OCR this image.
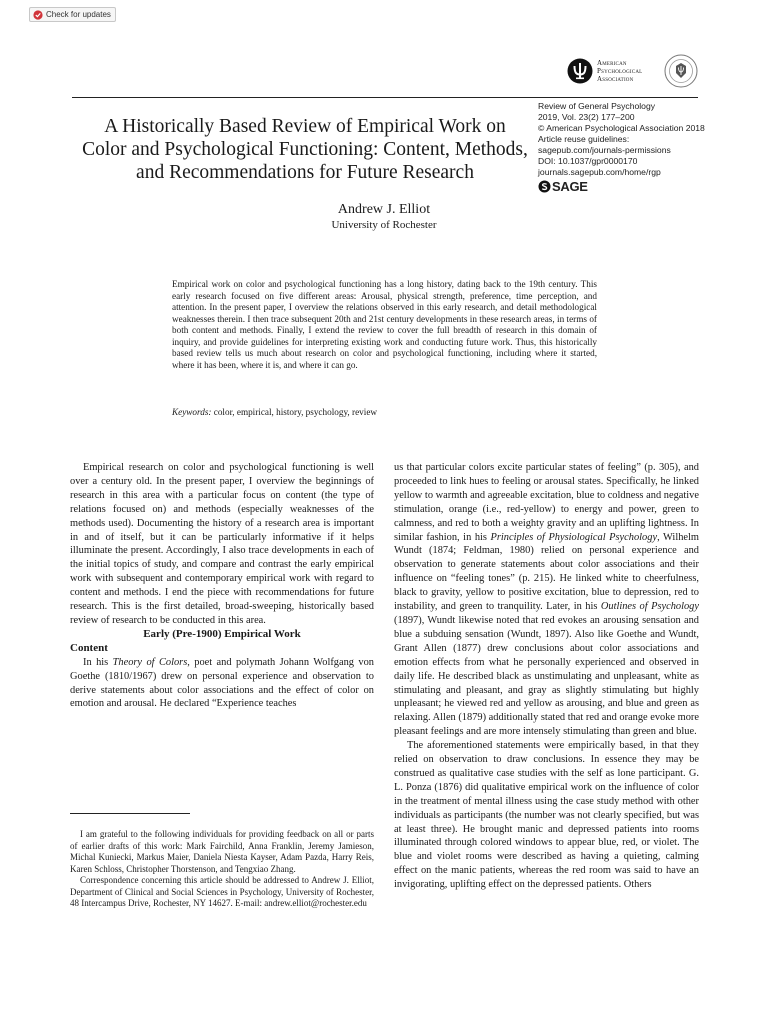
Check for updates
American
Psychological
Association
A Historically Based Review of Empirical Work on Color and Psychological Functioning: Content, Methods, and Recommendations for Future Research
Review of General Psychology
2019, Vol. 23(2) 177–200
© American Psychological Association 2018
Article reuse guidelines:
sagepub.com/journals-permissions
DOI: 10.1037/gpr0000170
journals.sagepub.com/home/rgp
SAGE
Andrew J. Elliot
University of Rochester

Empirical work on color and psychological functioning has a long history, dating back to the 19th century. This early research focused on five different areas: Arousal, physical strength, preference, time perception, and attention. In the present paper, I overview the relations observed in this early research, and detail methodological weaknesses therein. I then trace subsequent 20th and 21st century developments in these research areas, in terms of both content and methods. Finally, I extend the review to cover the full breadth of research in this domain of inquiry, and provide guidelines for interpreting existing work and conducting future work. Thus, this historically based review tells us much about research on color and psychological functioning, including where it started, where it has been, where it is, and where it can go.

Keywords: color, empirical, history, psychology, review

Empirical research on color and psychological functioning is well over a century old. In the present paper, I overview the beginnings of research in this area with a particular focus on content (the type of relations focused on) and methods (especially weaknesses of the methods used). Documenting the history of a research area is important in and of itself, but it can be particularly informative if it helps illuminate the present. Accordingly, I also trace developments in each of the initial topics of study, and compare and contrast the early empirical work with subsequent and contemporary empirical work with regard to content and methods. I end the piece with recommendations for future research. This is the first detailed, broad-sweeping, historically based review of research to be conducted in this area.

Early (Pre-1900) Empirical Work

Content

In his Theory of Colors, poet and polymath Johann Wolfgang von Goethe (1810/1967) drew on personal experience and observation to derive statements about color associations and the effect of color on emotion and arousal. He declared “Experience teaches

I am grateful to the following individuals for providing feedback on all or parts of earlier drafts of this work: Mark Fairchild, Anna Franklin, Jeremy Jamieson, Michal Kuniecki, Markus Maier, Daniela Niesta Kayser, Adam Pazda, Harry Reis, Karen Schloss, Christopher Thorstenson, and Tengxiao Zhang.

Correspondence concerning this article should be addressed to Andrew J. Elliot, Department of Clinical and Social Sciences in Psychology, University of Rochester, 48 Intercampus Drive, Rochester, NY 14627. E-mail: andrew.elliot@rochester.edu

us that particular colors excite particular states of feeling” (p. 305), and proceeded to link hues to feeling or arousal states. Specifically, he linked yellow to warmth and agreeable excitation, blue to coldness and negative stimulation, orange (i.e., red-yellow) to energy and power, green to calmness, and red to both a weighty gravity and an uplifting lightness. In similar fashion, in his Principles of Physiological Psychology, Wilhelm Wundt (1874; Feldman, 1980) relied on personal experience and observation to generate statements about color associations and their influence on “feeling tones” (p. 215). He linked white to cheerfulness, black to gravity, yellow to positive excitation, blue to depression, red to instability, and green to tranquility. Later, in his Outlines of Psychology (1897), Wundt likewise noted that red evokes an arousing sensation and blue a subduing sensation (Wundt, 1897). Also like Goethe and Wundt, Grant Allen (1877) drew conclusions about color associations and emotion effects from what he personally experienced and observed in daily life. He described black as unstimulating and unpleasant, white as stimulating and pleasant, and gray as slightly stimulating but highly unpleasant; he viewed red and yellow as arousing, and blue and green as relaxing. Allen (1879) additionally stated that red and orange evoke more pleasant feelings and are more intensely stimulating than green and blue.

The aforementioned statements were empirically based, in that they relied on observation to draw conclusions. In essence they may be construed as qualitative case studies with the self as lone participant. G. L. Ponza (1876) did qualitative empirical work on the influence of color in the treatment of mental illness using the case study method with other individuals as participants (the number was not clearly specified, but was at least three). He brought manic and depressed patients into rooms illuminated through colored windows to appear blue, red, or violet. The blue and violet rooms were described as having a quieting, calming effect on the manic patients, whereas the red room was said to have an invigorating, uplifting effect on the depressed patients. Others
